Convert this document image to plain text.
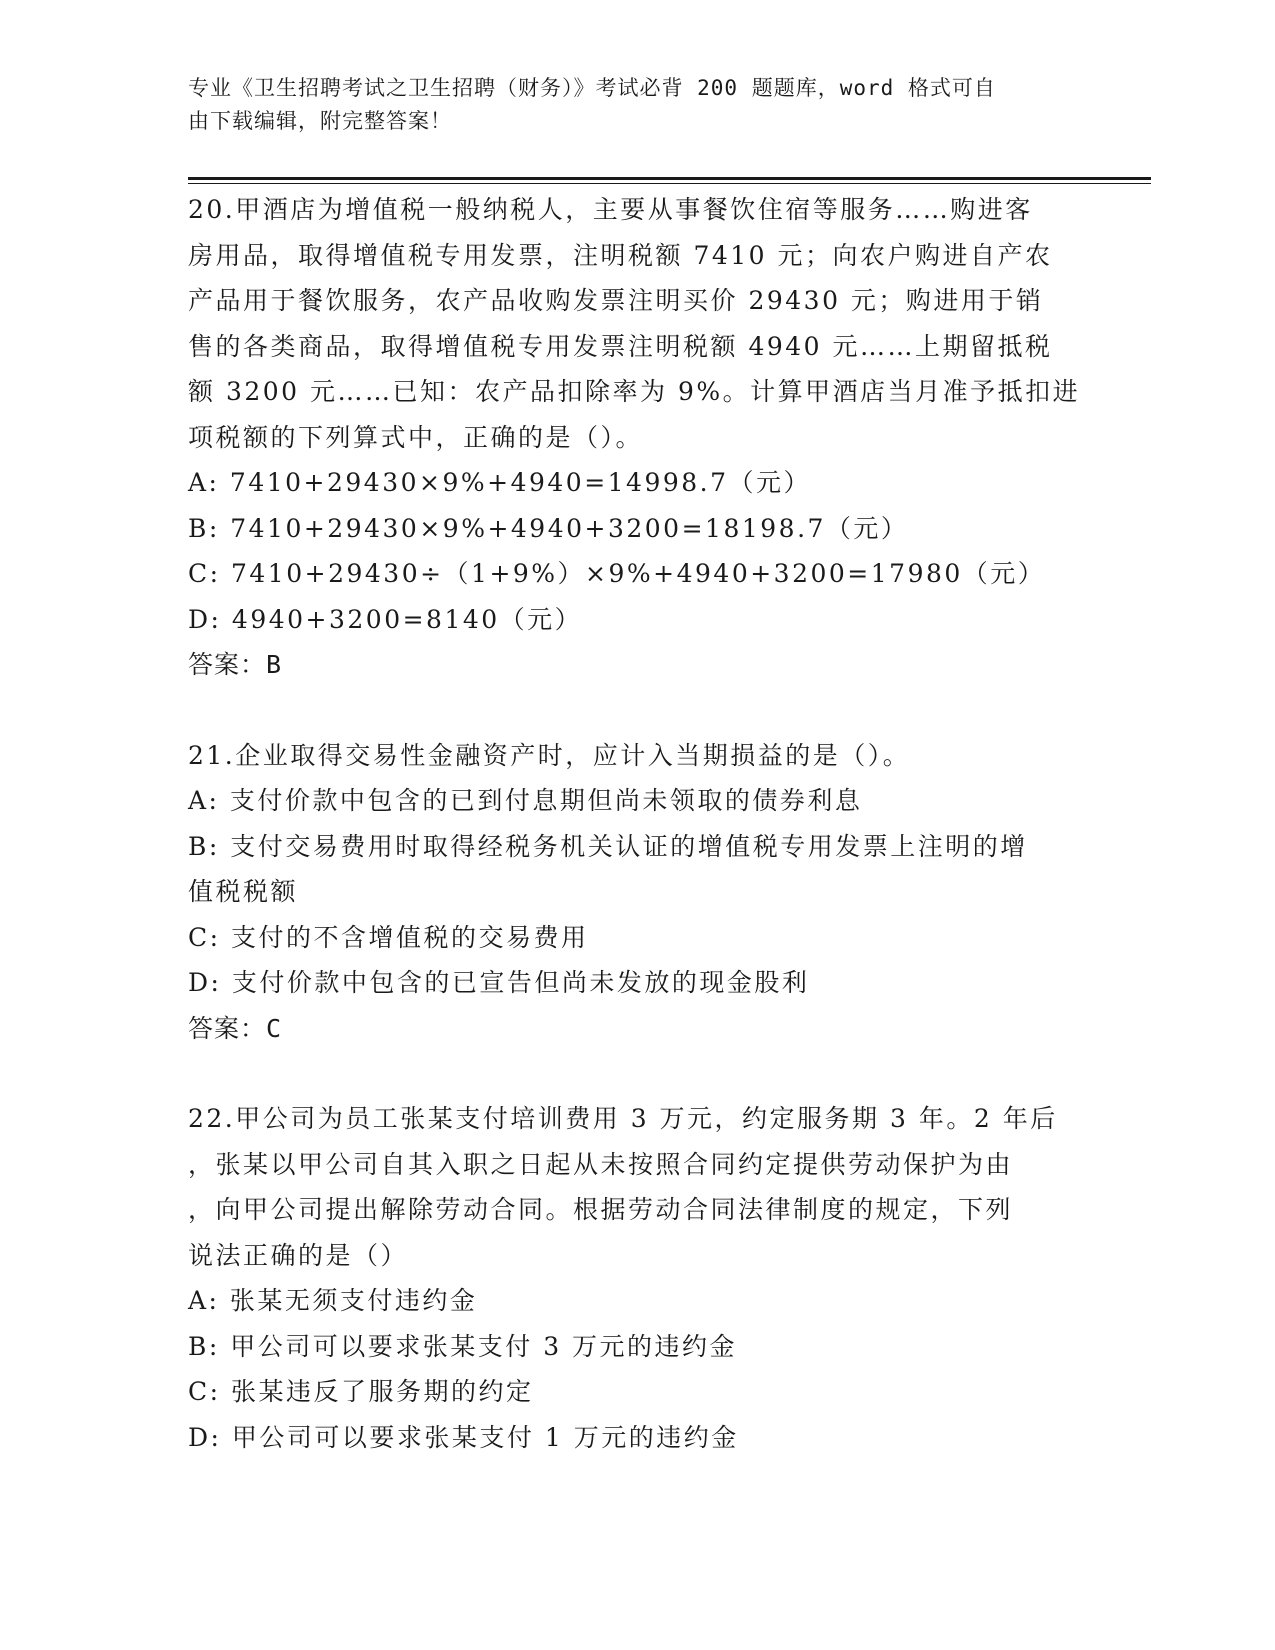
专业《卫生招聘考试之卫生招聘（财务）》考试必背 200 题题库，word 格式可自
由下载编辑，附完整答案！

20.甲酒店为增值税一般纳税人，主要从事餐饮住宿等服务……购进客

房用品，取得增值税专用发票，注明税额 7410 元；向农户购进自产农

产品用于餐饮服务，农产品收购发票注明买价 29430 元；购进用于销

售的各类商品，取得增值税专用发票注明税额 4940 元……上期留抵税

额 3200 元……已知：农产品扣除率为 9%。计算甲酒店当月准予抵扣进

项税额的下列算式中，正确的是（）。

A: 7410+29430×9%+4940=14998.7（元）

B: 7410+29430×9%+4940+3200=18198.7（元）

C: 7410+29430÷（1+9%）×9%+4940+3200=17980（元）

D: 4940+3200=8140（元）

答案：B

21.企业取得交易性金融资产时，应计入当期损益的是（）。

A: 支付价款中包含的已到付息期但尚未领取的债券利息

B: 支付交易费用时取得经税务机关认证的增值税专用发票上注明的增

值税税额

C: 支付的不含增值税的交易费用

D: 支付价款中包含的已宣告但尚未发放的现金股利

答案：C

22.甲公司为员工张某支付培训费用 3 万元，约定服务期 3 年。2 年后

，张某以甲公司自其入职之日起从未按照合同约定提供劳动保护为由

，向甲公司提出解除劳动合同。根据劳动合同法律制度的规定，下列

说法正确的是（）

A: 张某无须支付违约金

B: 甲公司可以要求张某支付 3 万元的违约金

C: 张某违反了服务期的约定

D: 甲公司可以要求张某支付 1 万元的违约金
